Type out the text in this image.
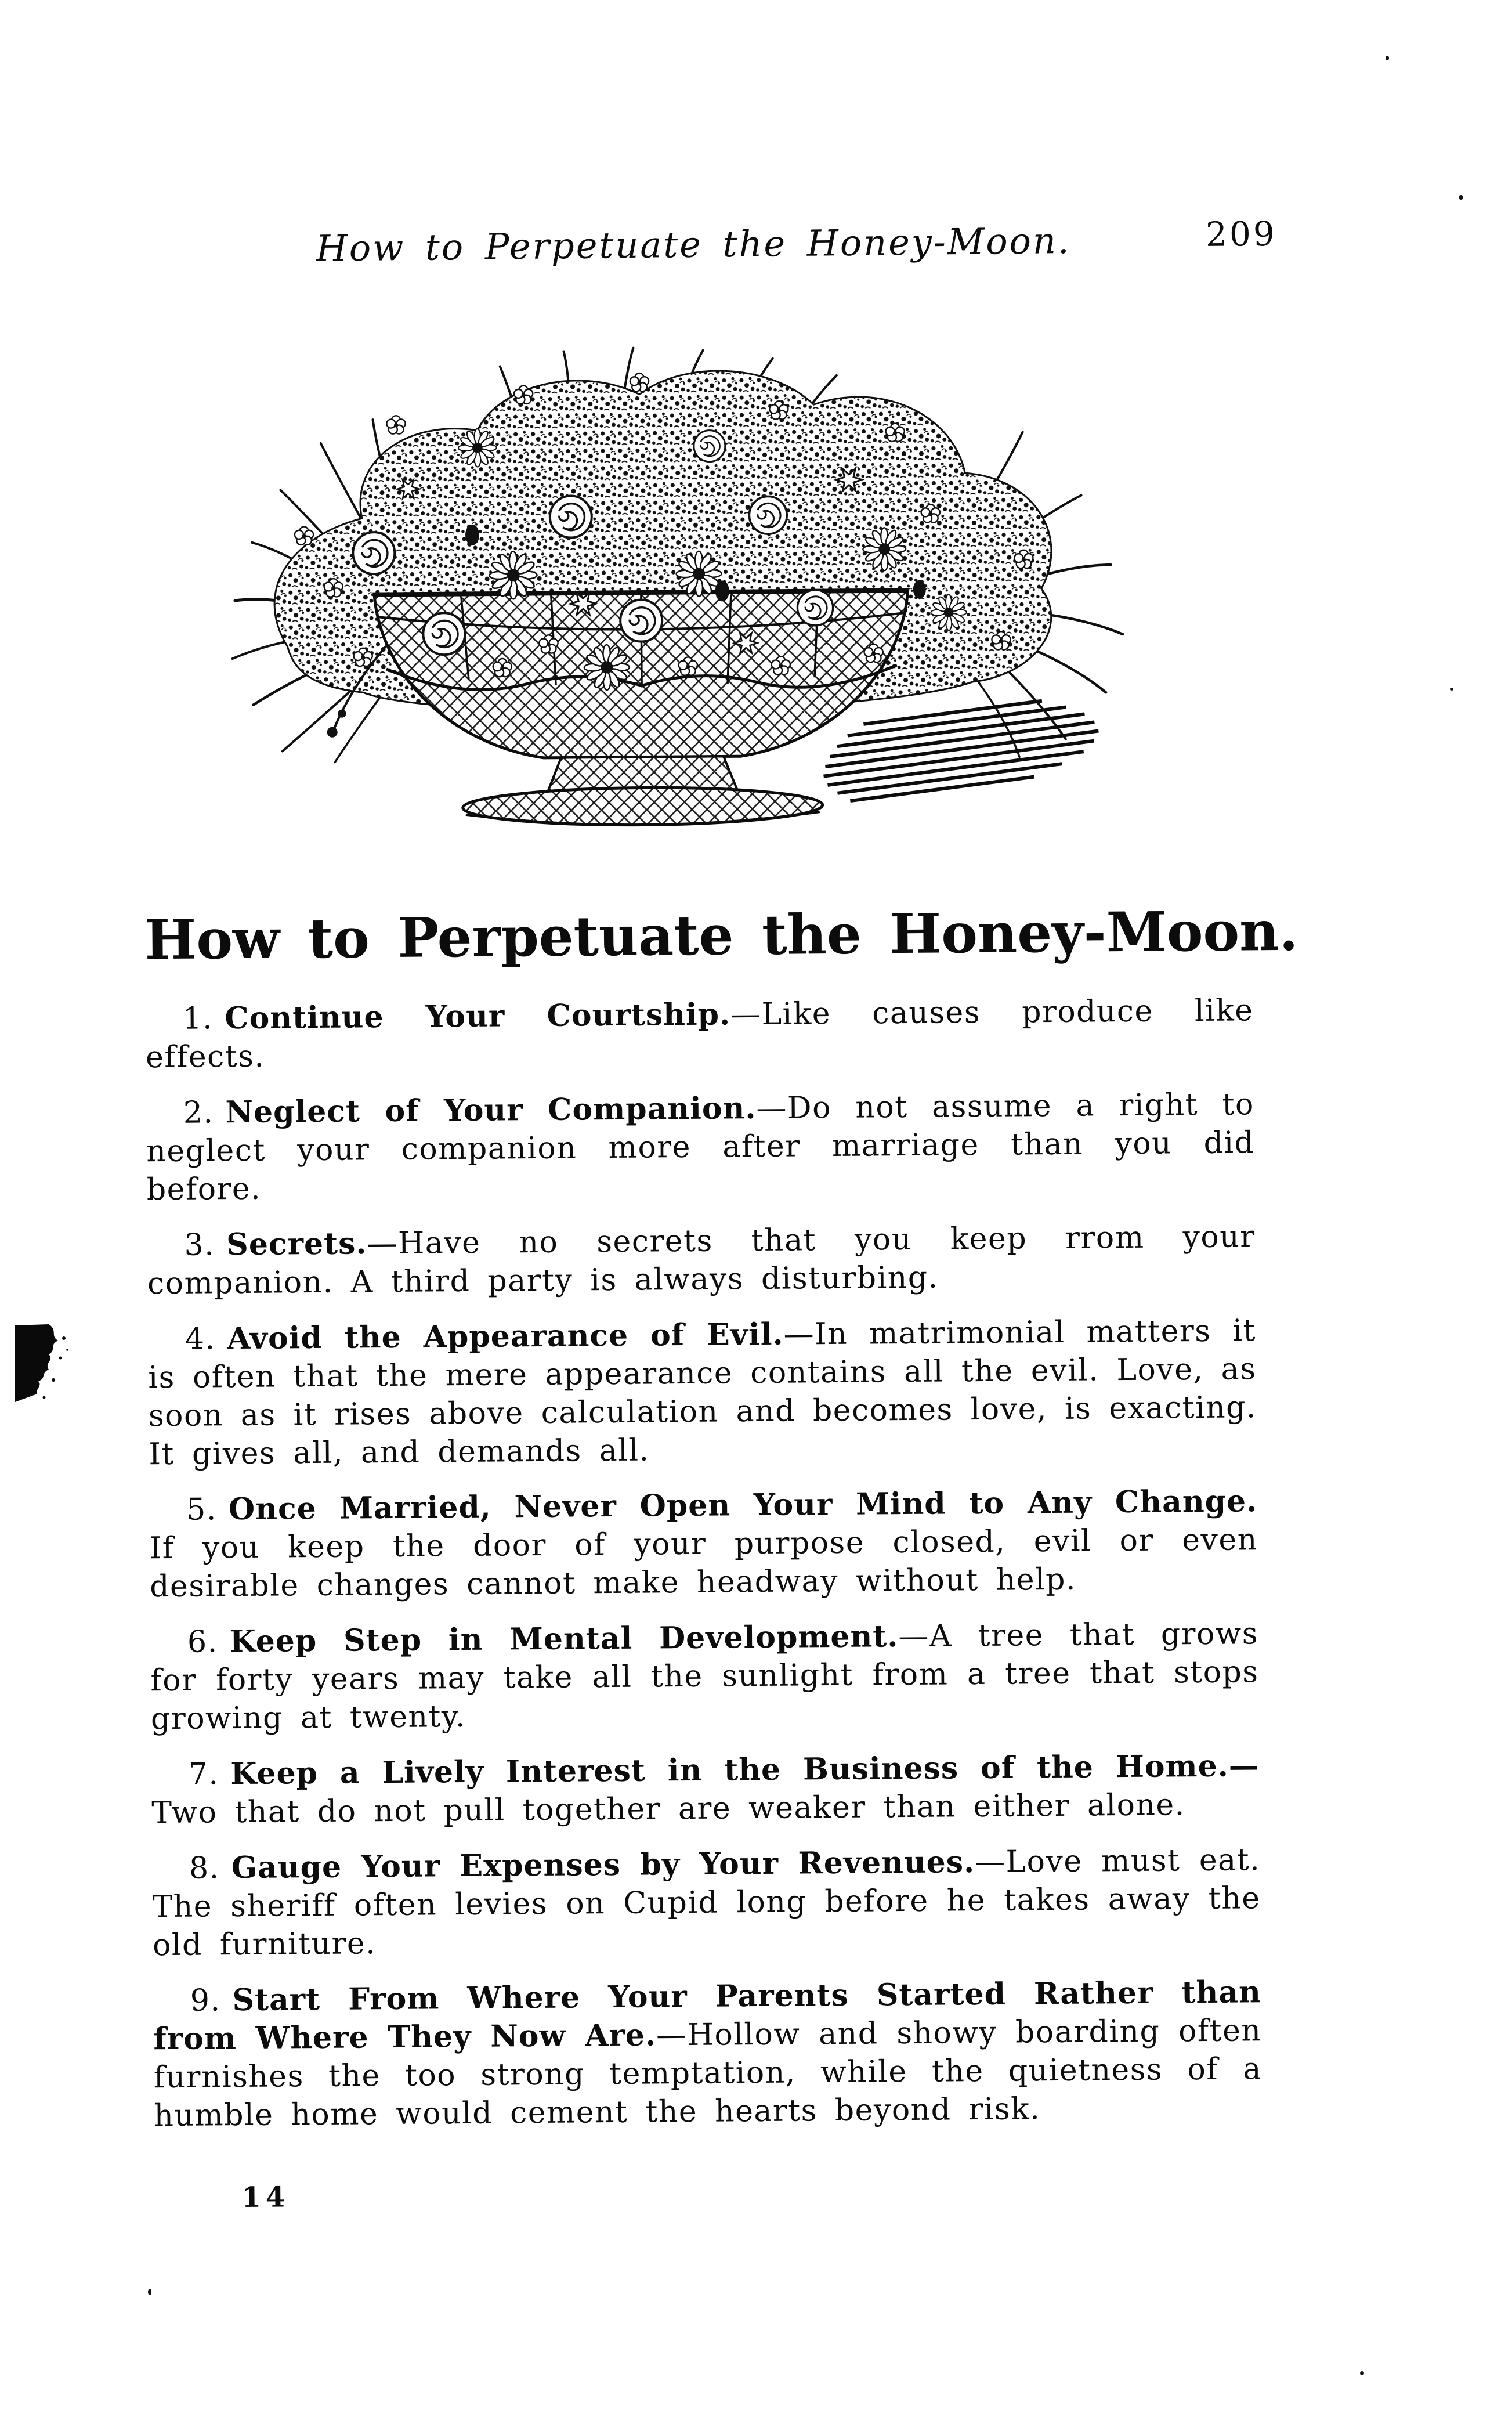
How to Perpetuate the Honey-Moon.	209
How to Perpetuate the Honey-Moon.

1. Continue Your Courtship.—Like causes produce like effects.

2. Neglect of Your Companion.—Do not assume a right to neglect your companion more after marriage than you did before.

3. Secrets.—Have no secrets that you keep rrom your companion. A third party is always disturbing.

4. Avoid the Appearance of Evil.—In matrimonial matters it is often that the mere appearance contains all the evil. Love, as soon as it rises above calculation and becomes love, is exacting. It gives all, and demands all.

5. Once Married, Never Open Your Mind to Any Change. If you keep the door of your purpose closed, evil or even desirable changes cannot make headway without help.

6. Keep Step in Mental Development.—A tree that grows for forty years may take all the sunlight from a tree that stops growing at twenty.

7. Keep a Lively Interest in the Business of the Home.—Two that do not pull together are weaker than either alone.

8. Gauge Your Expenses by Your Revenues.—Love must eat. The sheriff often levies on Cupid long before he takes away the old furniture.

9. Start From Where Your Parents Started Rather than from Where They Now Are.—Hollow and showy boarding often furnishes the too strong temptation, while the quietness of a humble home would cement the hearts beyond risk.

14
